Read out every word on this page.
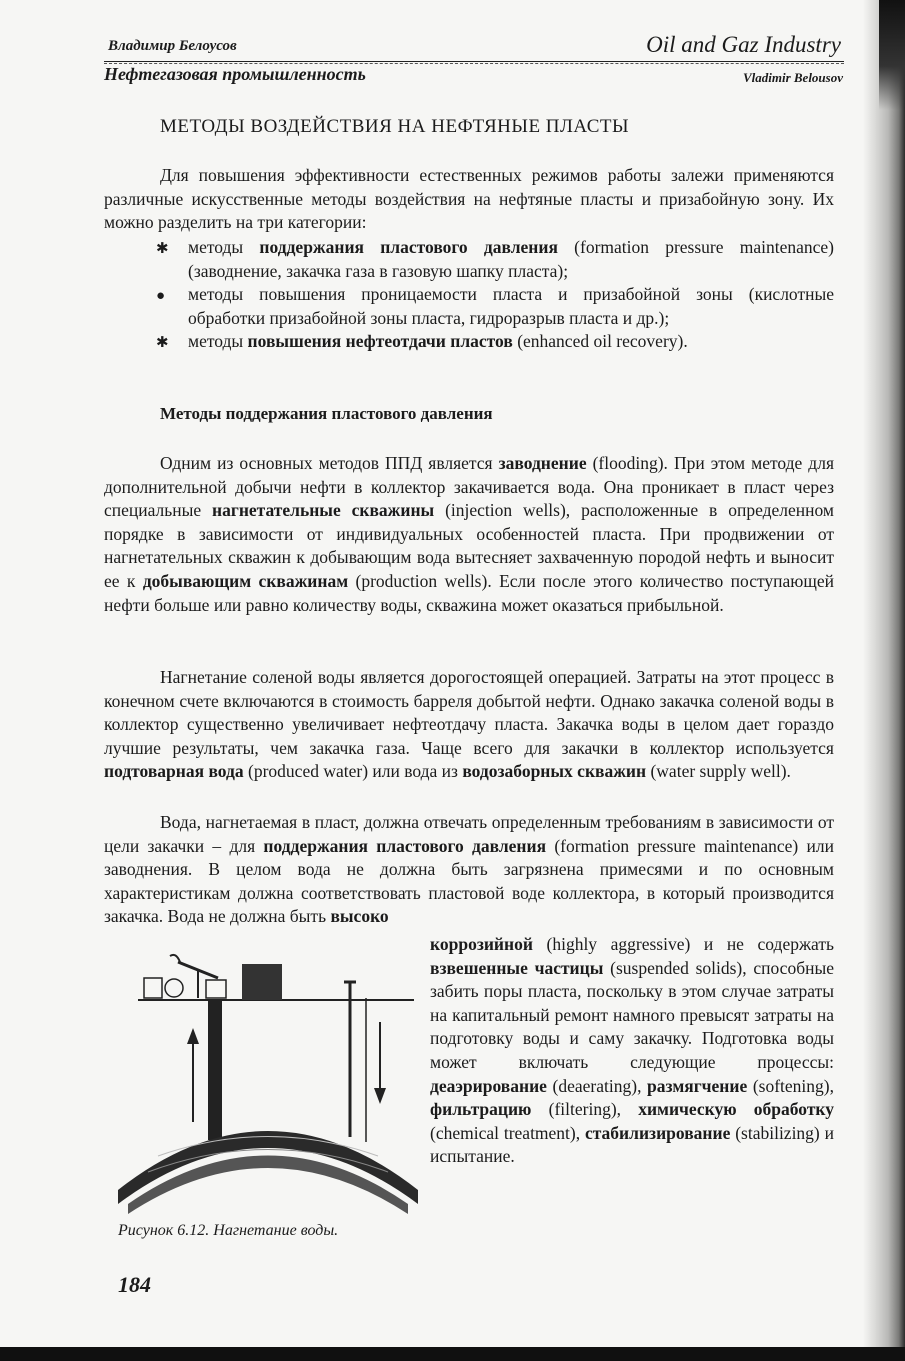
Владимир Белоусов	Oil and Gaz Industry
Нефтегазовая промышленность	Vladimir Belousov
МЕТОДЫ ВОЗДЕЙСТВИЯ НА НЕФТЯНЫЕ ПЛАСТЫ
Для повышения эффективности естественных режимов работы залежи применяются различные искусственные методы воздействия на нефтяные пласты и призабойную зону. Их можно разделить на три категории:
✱ методы поддержания пластового давления (formation pressure maintenance) (заводнение, закачка газа в газовую шапку пласта);
● методы повышения проницаемости пласта и призабойной зоны (кислотные обработки призабойной зоны пласта, гидроразрыв пласта и др.);
✱ методы повышения нефтеотдачи пластов (enhanced oil recovery).
Методы поддержания пластового давления
Одним из основных методов ППД является заводнение (flooding). При этом методе для дополнительной добычи нефти в коллектор закачивается вода. Она проникает в пласт через специальные нагнетательные скважины (injection wells), расположенные в определенном порядке в зависимости от индивидуальных особенностей пласта. При продвижении от нагнетательных скважин к добывающим вода вытесняет захваченную породой нефть и выносит ее к добывающим скважинам (production wells). Если после этого количество поступающей нефти больше или равно количеству воды, скважина может оказаться прибыльной.
Нагнетание соленой воды является дорогостоящей операцией. Затраты на этот процесс в конечном счете включаются в стоимость барреля добытой нефти. Однако закачка соленой воды в коллектор существенно увеличивает нефтеотдачу пласта. Закачка воды в целом дает гораздо лучшие результаты, чем закачка газа. Чаще всего для закачки в коллектор используется подтоварная вода (produced water) или вода из водозаборных скважин (water supply well).
Вода, нагнетаемая в пласт, должна отвечать определенным требованиям в зависимости от цели закачки – для поддержания пластового давления (formation pressure maintenance) или заводнения. В целом вода не должна быть загрязнена примесями и по основным характеристикам должна соответствовать пластовой воде коллектора, в который производится закачка. Вода не должна быть высоко
коррозийной (highly aggressive) и не содержать взвешенные частицы (suspended solids), способные забить поры пласта, поскольку в этом случае затраты на капитальный ремонт намного превысят затраты на подготовку воды и саму закачку. Подготовка воды может включать следующие процессы: деаэрирование (deaerating), размягчение (softening), фильтрацию (filtering), химическую обработку (chemical treatment), стабилизирование (stabilizing) и испытание.
Рисунок 6.12. Нагнетание воды.
184
